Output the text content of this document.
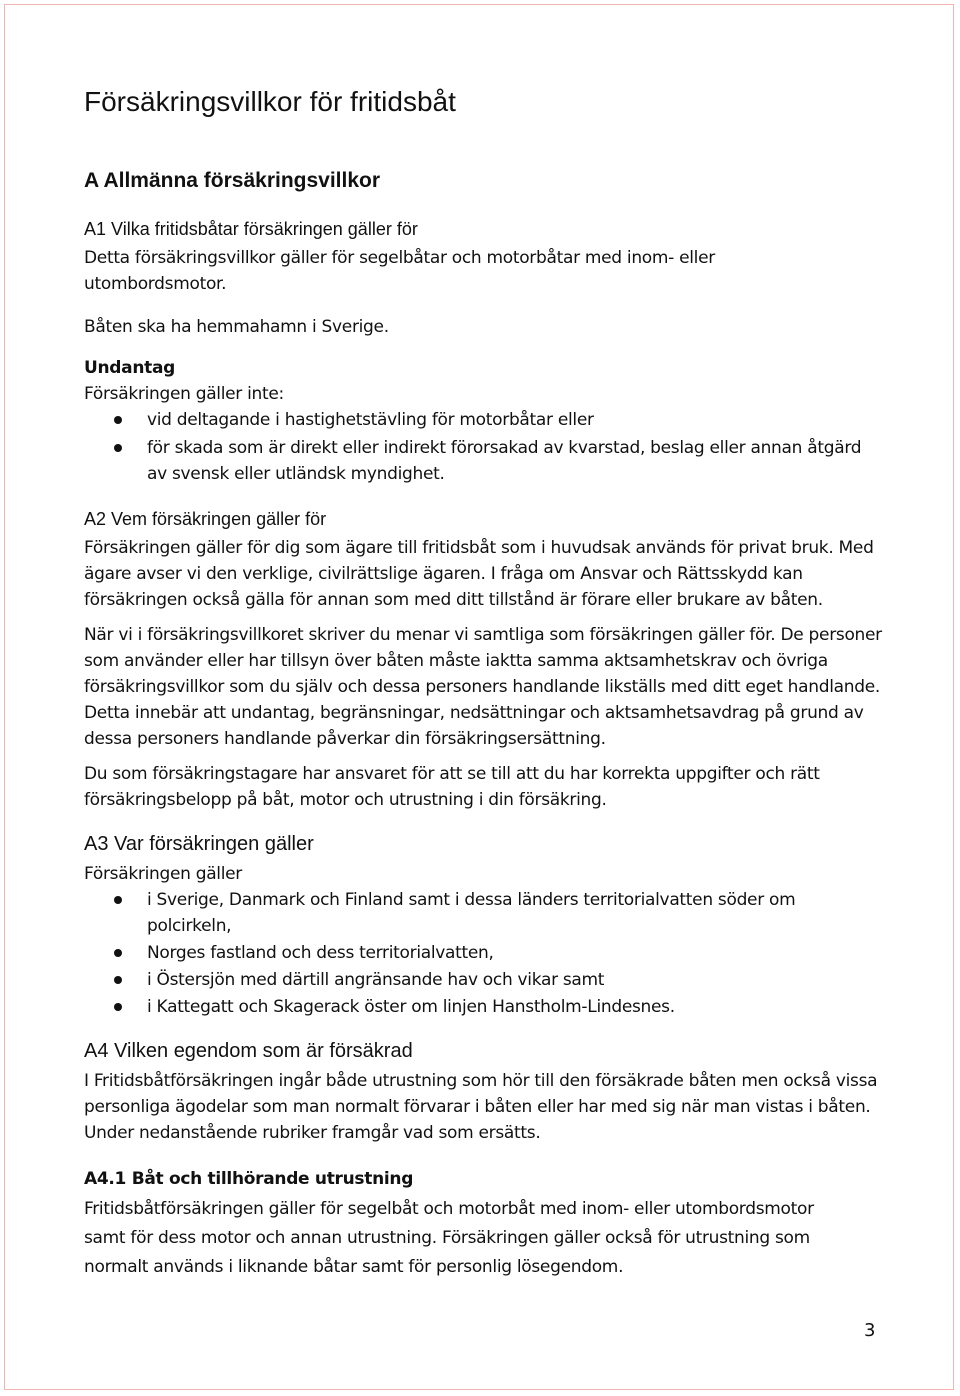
Försäkringsvillkor för fritidsbåt
A Allmänna försäkringsvillkor
A1 Vilka fritidsbåtar försäkringen gäller för

Detta försäkringsvillkor gäller för segelbåtar och motorbåtar med inom- eller utombordsmotor.

Båten ska ha hemmahamn i Sverige.

Undantag

Försäkringen gäller inte:

vid deltagande i hastighetstävling för motorbåtar eller
för skada som är direkt eller indirekt förorsakad av kvarstad, beslag eller annan åtgärd av svensk eller utländsk myndighet.
A2 Vem försäkringen gäller för

Försäkringen gäller för dig som ägare till fritidsbåt som i huvudsak används för privat bruk. Med ägare avser vi den verklige, civilrättslige ägaren. I fråga om Ansvar och Rättsskydd kan försäkringen också gälla för annan som med ditt tillstånd är förare eller brukare av båten.

När vi i försäkringsvillkoret skriver du menar vi samtliga som försäkringen gäller för. De personer som använder eller har tillsyn över båten måste iaktta samma aktsamhetskrav och övriga försäkringsvillkor som du själv och dessa personers handlande likställs med ditt eget handlande. Detta innebär att undantag, begränsningar, nedsättningar och aktsamhetsavdrag på grund av dessa personers handlande påverkar din försäkringsersättning.

Du som försäkringstagare har ansvaret för att se till att du har korrekta uppgifter och rätt försäkringsbelopp på båt, motor och utrustning i din försäkring.

A3 Var försäkringen gäller

Försäkringen gäller

i Sverige, Danmark och Finland samt i dessa länders territorialvatten söder om polcirkeln,
Norges fastland och dess territorialvatten,
i Östersjön med därtill angränsande hav och vikar samt
i Kattegatt och Skagerack öster om linjen Hanstholm-Lindesnes.
A4 Vilken egendom som är försäkrad

I Fritidsbåtförsäkringen ingår både utrustning som hör till den försäkrade båten men också vissa personliga ägodelar som man normalt förvarar i båten eller har med sig när man vistas i båten. Under nedanstående rubriker framgår vad som ersätts.

A4.1 Båt och tillhörande utrustning

Fritidsbåtförsäkringen gäller för segelbåt och motorbåt med inom- eller utombordsmotor samt för dess motor och annan utrustning. Försäkringen gäller också för utrustning som normalt används i liknande båtar samt för personlig lösegendom.

3
